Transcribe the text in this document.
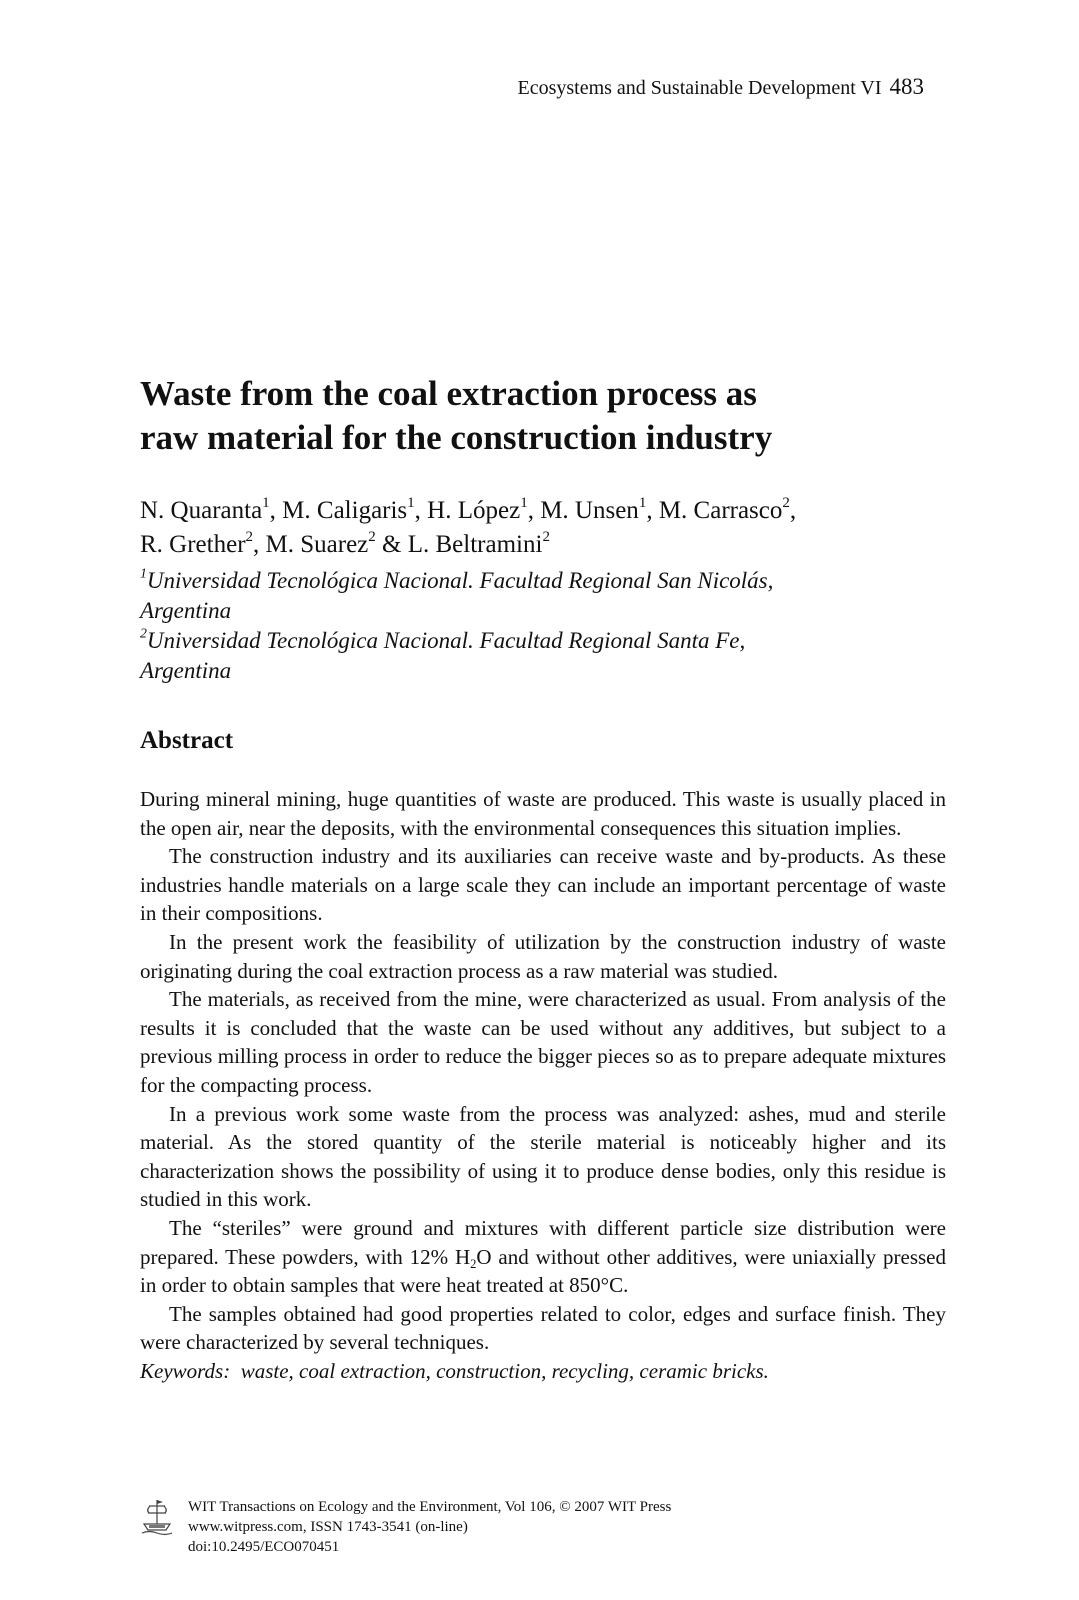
Ecosystems and Sustainable Development VI 483
Waste from the coal extraction process as
raw material for the construction industry
N. Quaranta$^1$, M. Caligaris$^1$, H. López$^1$, M. Unsen$^1$, M. Carrasco$^2$,
R. Grether$^2$, M. Suarez$^2$ & L. Beltramini$^2$
$^1$Universidad Tecnológica Nacional. Facultad Regional San Nicolás,
Argentina
$^2$Universidad Tecnológica Nacional. Facultad Regional Santa Fe,
Argentina
Abstract

During mineral mining, huge quantities of waste are produced. This waste is usually placed in the open air, near the deposits, with the environmental consequences this situation implies.

The construction industry and its auxiliaries can receive waste and by-products. As these industries handle materials on a large scale they can include an important percentage of waste in their compositions.

In the present work the feasibility of utilization by the construction industry of waste originating during the coal extraction process as a raw material was studied.

The materials, as received from the mine, were characterized as usual. From analysis of the results it is concluded that the waste can be used without any additives, but subject to a previous milling process in order to reduce the bigger pieces so as to prepare adequate mixtures for the compacting process.

In a previous work some waste from the process was analyzed: ashes, mud and sterile material. As the stored quantity of the sterile material is noticeably higher and its characterization shows the possibility of using it to produce dense bodies, only this residue is studied in this work.

The “steriles” were ground and mixtures with different particle size distribution were prepared. These powders, with 12% $H_2O$ and without other additives, were uniaxially pressed in order to obtain samples that were heat treated at 850°C.

The samples obtained had good properties related to color, edges and surface finish. They were characterized by several techniques.

Keywords: waste, coal extraction, construction, recycling, ceramic bricks.

WIT Transactions on Ecology and the Environment, Vol 106, © 2007 WIT Press
www.witpress.com, ISSN 1743-3541 (on-line)
doi:10.2495/ECO070451
